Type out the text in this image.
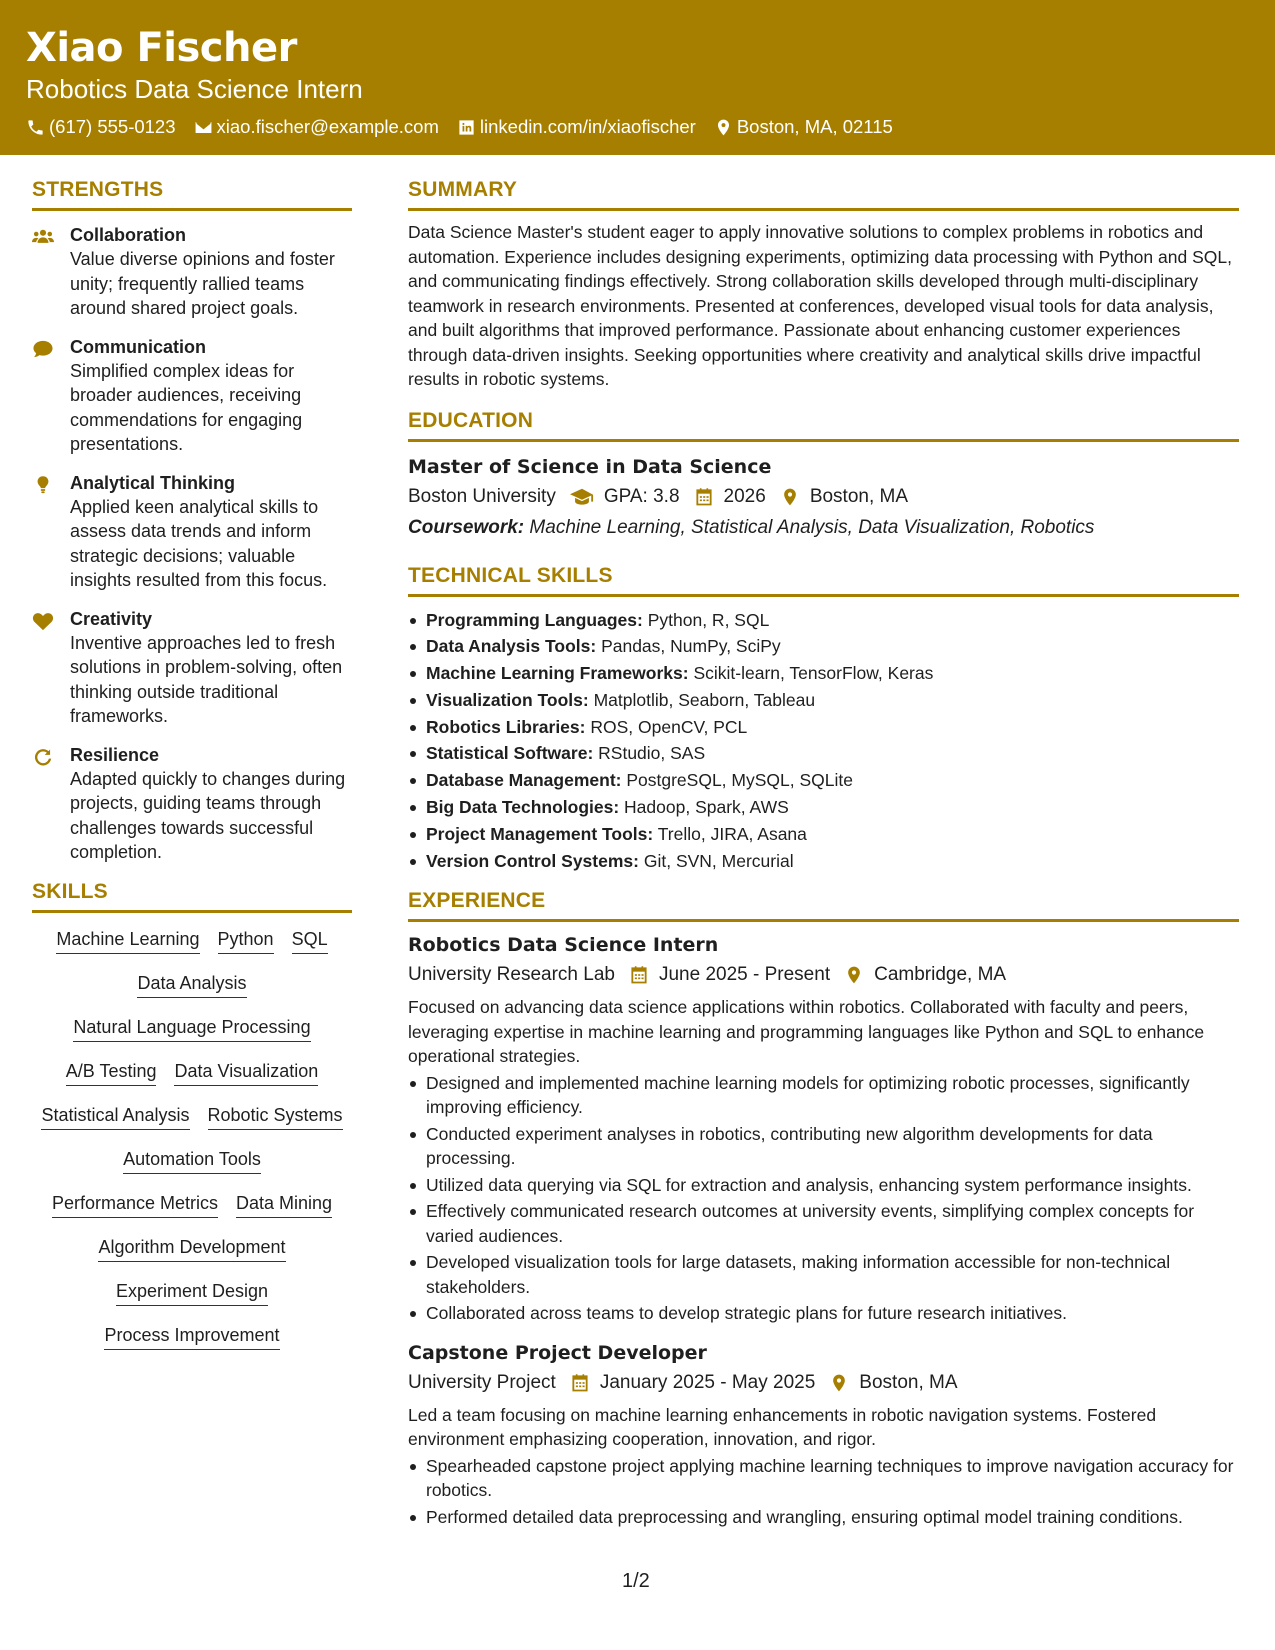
Xiao Fischer
Robotics Data Science Intern
(617) 555-0123 xiao.fischer@example.com linkedin.com/in/xiaofischer Boston, MA, 02115
STRENGTHS
Collaboration
Value diverse opinions and foster unity; frequently rallied teams around shared project goals.
Communication
Simplified complex ideas for broader audiences, receiving commendations for engaging presentations.
Analytical Thinking
Applied keen analytical skills to assess data trends and inform strategic decisions; valuable insights resulted from this focus.
Creativity
Inventive approaches led to fresh solutions in problem-solving, often thinking outside traditional frameworks.
Resilience
Adapted quickly to changes during projects, guiding teams through challenges towards successful completion.
SKILLS
Machine Learning Python SQL
Data Analysis
Natural Language Processing
A/B Testing Data Visualization
Statistical Analysis Robotic Systems
Automation Tools
Performance Metrics Data Mining
Algorithm Development
Experiment Design
Process Improvement
SUMMARY
Data Science Master's student eager to apply innovative solutions to complex problems in robotics and automation. Experience includes designing experiments, optimizing data processing with Python and SQL, and communicating findings effectively. Strong collaboration skills developed through multi-disciplinary teamwork in research environments. Presented at conferences, developed visual tools for data analysis, and built algorithms that improved performance. Passionate about enhancing customer experiences through data-driven insights. Seeking opportunities where creativity and analytical skills drive impactful results in robotic systems.
EDUCATION
Master of Science in Data Science
Boston University	GPA: 3.8 2026 Boston, MA
Coursework: Machine Learning, Statistical Analysis, Data Visualization, Robotics
TECHNICAL SKILLS
Programming Languages: Python, R, SQL
Data Analysis Tools: Pandas, NumPy, SciPy
Machine Learning Frameworks: Scikit-learn, TensorFlow, Keras
Visualization Tools: Matplotlib, Seaborn, Tableau
Robotics Libraries: ROS, OpenCV, PCL
Statistical Software: RStudio, SAS
Database Management: PostgreSQL, MySQL, SQLite
Big Data Technologies: Hadoop, Spark, AWS
Project Management Tools: Trello, JIRA, Asana
Version Control Systems: Git, SVN, Mercurial
EXPERIENCE
Robotics Data Science Intern
University Research Lab June 2025 - Present Cambridge, MA
Focused on advancing data science applications within robotics. Collaborated with faculty and peers, leveraging expertise in machine learning and programming languages like Python and SQL to enhance operational strategies.
Designed and implemented machine learning models for optimizing robotic processes, significantly improving efficiency.
Conducted experiment analyses in robotics, contributing new algorithm developments for data processing.
Utilized data querying via SQL for extraction and analysis, enhancing system performance insights.
Effectively communicated research outcomes at university events, simplifying complex concepts for varied audiences.
Developed visualization tools for large datasets, making information accessible for non-technical stakeholders.
Collaborated across teams to develop strategic plans for future research initiatives.
Capstone Project Developer
University Project January 2025 - May 2025 Boston, MA
Led a team focusing on machine learning enhancements in robotic navigation systems. Fostered environment emphasizing cooperation, innovation, and rigor.
Spearheaded capstone project applying machine learning techniques to improve navigation accuracy for robotics.
Performed detailed data preprocessing and wrangling, ensuring optimal model training conditions.
1/2
